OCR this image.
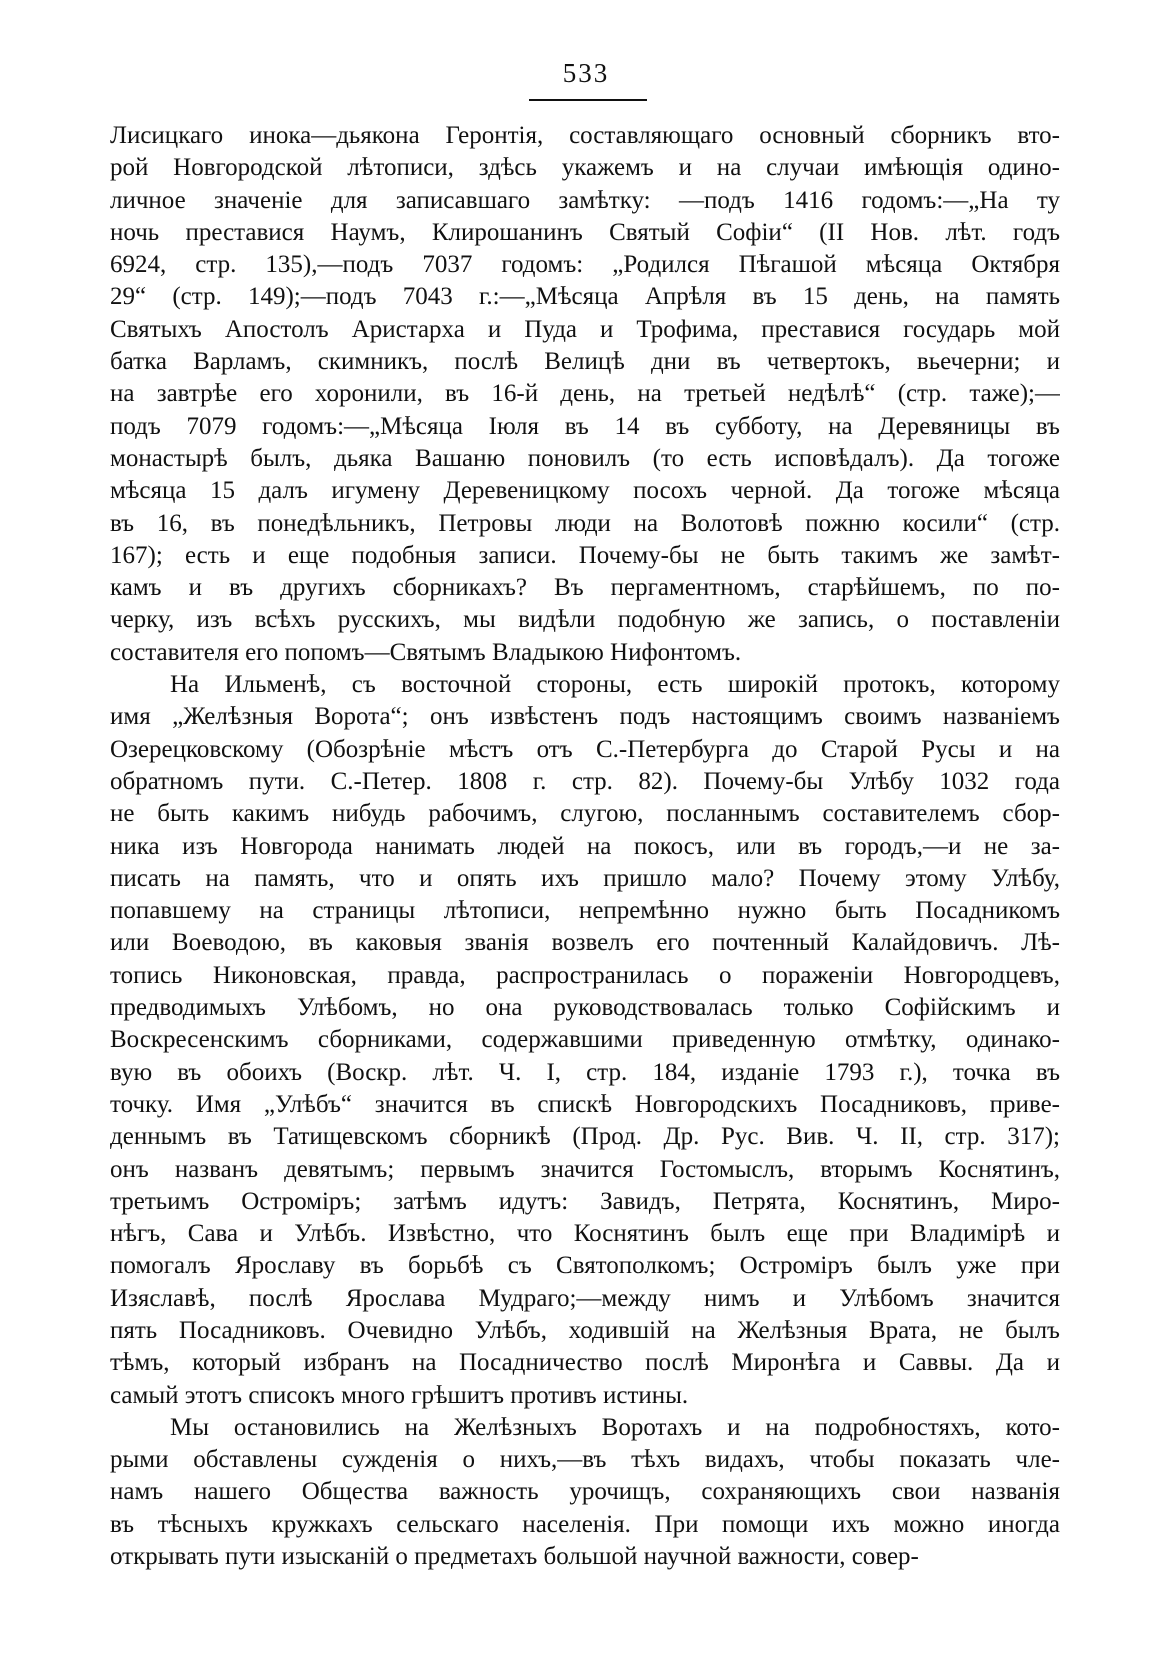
533
Лисицкаго инока—дьякона Геронтія, составляющаго основный сборникъ вто-
рой Новгородской лѣтописи, здѣсь укажемъ и на случаи имѣющія одино-
личное значеніе для записавшаго замѣтку: —подъ 1416 годомъ:—„На ту
ночь преставися Наумъ, Клирошанинъ Святый Софіи“ (II Нов. лѣт. годъ
6924, стр. 135),—подъ 7037 годомъ: „Родился Пѣгашой мѣсяца Октября
29“ (стр. 149);—подъ 7043 г.:—„Мѣсяца Апрѣля въ 15 день, на память
Святыхъ Апостолъ Аристарха и Пуда и Трофима, преставися государь мой
батка Варламъ, скимникъ, послѣ Велицѣ дни въ четвертокъ, вьечерни; и
на завтрѣе его хоронили, въ 16-й день, на третьей недѣлѣ“ (стр. таже);—
подъ 7079 годомъ:—„Мѣсяца Іюля въ 14 въ субботу, на Деревяницы въ
монастырѣ былъ, дьяка Вашаню поновилъ (то есть исповѣдалъ). Да тогоже
мѣсяца 15 далъ игумену Деревеницкому посохъ черной. Да тогоже мѣсяца
въ 16, въ понедѣльникъ, Петровы люди на Волотовѣ пожню косили“ (стр.
167); есть и еще подобныя записи. Почему-бы не быть такимъ же замѣт-
камъ и въ другихъ сборникахъ? Въ пергаментномъ, старѣйшемъ, по по-
черку, изъ всѣхъ русскихъ, мы видѣли подобную же запись, о поставленіи
составителя его попомъ—Святымъ Владыкою Нифонтомъ.
На Ильменѣ, съ восточной стороны, есть широкій протокъ, которому
имя „Желѣзныя Ворота“; онъ извѣстенъ подъ настоящимъ своимъ названіемъ
Озерецковскому (Обозрѣніе мѣстъ отъ С.-Петербурга до Старой Русы и на
обратномъ пути. С.-Петер. 1808 г. стр. 82). Почему-бы Улѣбу 1032 года
не быть какимъ нибудь рабочимъ, слугою, посланнымъ составителемъ сбор-
ника изъ Новгорода нанимать людей на покосъ, или въ городъ,—и не за-
писать на память, что и опять ихъ пришло мало? Почему этому Улѣбу,
попавшему на страницы лѣтописи, непремѣнно нужно быть Посадникомъ
или Воеводою, въ каковыя званія возвелъ его почтенный Калайдовичъ. Лѣ-
топись Никоновская, правда, распространилась о пораженіи Новгородцевъ,
предводимыхъ Улѣбомъ, но она руководствовалась только Софійскимъ и
Воскресенскимъ сборниками, содержавшими приведенную отмѣтку, одинако-
вую въ обоихъ (Воскр. лѣт. Ч. I, стр. 184, изданіе 1793 г.), точка въ
точку. Имя „Улѣбъ“ значится въ спискѣ Новгородскихъ Посадниковъ, приве-
деннымъ въ Татищевскомъ сборникѣ (Прод. Др. Рус. Вив. Ч. II, стр. 317);
онъ названъ девятымъ; первымъ значится Гостомыслъ, вторымъ Коснятинъ,
третьимъ Остроміръ; затѣмъ идутъ: Завидъ, Петрята, Коснятинъ, Миро-
нѣгъ, Сава и Улѣбъ. Извѣстно, что Коснятинъ былъ еще при Владимірѣ и
помогалъ Ярославу въ борьбѣ съ Святополкомъ; Остроміръ былъ уже при
Изяславѣ, послѣ Ярослава Мудраго;—между нимъ и Улѣбомъ значится
пять Посадниковъ. Очевидно Улѣбъ, ходившій на Желѣзныя Врата, не былъ
тѣмъ, который избранъ на Посадничество послѣ Миронѣга и Саввы. Да и
самый этотъ списокъ много грѣшитъ противъ истины.
Мы остановились на Желѣзныхъ Воротахъ и на подробностяхъ, кото-
рыми обставлены сужденія о нихъ,—въ тѣхъ видахъ, чтобы показать чле-
намъ нашего Общества важность урочищъ, сохраняющихъ свои названія
въ тѣсныхъ кружкахъ сельскаго населенія. При помощи ихъ можно иногда
открывать пути изысканій о предметахъ большой научной важности, совер-
